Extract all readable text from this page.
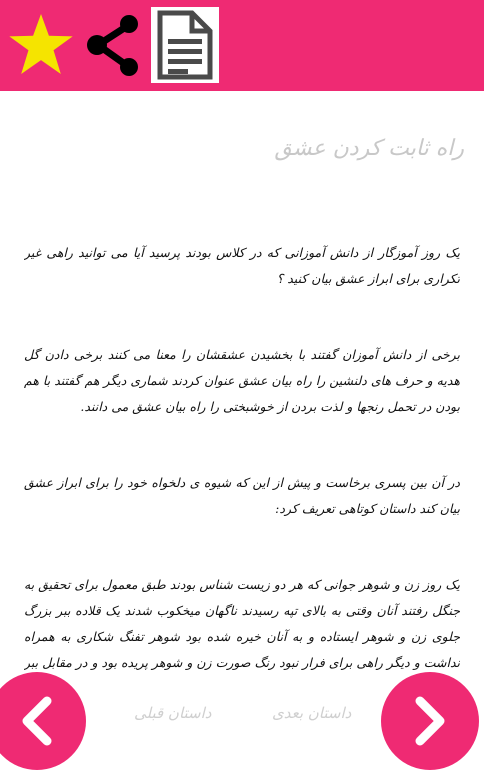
راه ثابت کردن عشق

یک روز آموزگار از دانش آموزانی که در کلاس بودند پرسید آیا می توانید راهی غیر تکراری برای ابراز عشق بیان کنید ؟

برخی از دانش آموزان گفتند با بخشیدن عشقشان را معنا می کنند برخی دادن گل هدیه و حرف های دلنشین را راه بیان عشق عنوان کردند شماری دیگر هم گفتند با هم بودن در تحمل رنجها و لذت بردن از خوشبختی را راه بیان عشق می دانند.

در آن بین پسری برخاست و پیش از این که شیوه ی دلخواه خود را برای ابراز عشق بیان کند داستان کوتاهی تعریف کرد:

یک روز زن و شوهر جوانی که هر دو زیست شناس بودند طبق معمول برای تحقیق به جنگل رفتند آنان وقتی به بالای تپه رسیدند ناگهان میخکوب شدند یک قلاده ببر بزرگ جلوی زن و شوهر ایستاده و به آنان خیره شده بود شوهر تفنگ شکاری به همراه نداشت و دیگر راهی برای فرار نبود رنگ صورت زن و شوهر پریده بود و در مقابل ببر

داستان قبلی	داستان بعدی
